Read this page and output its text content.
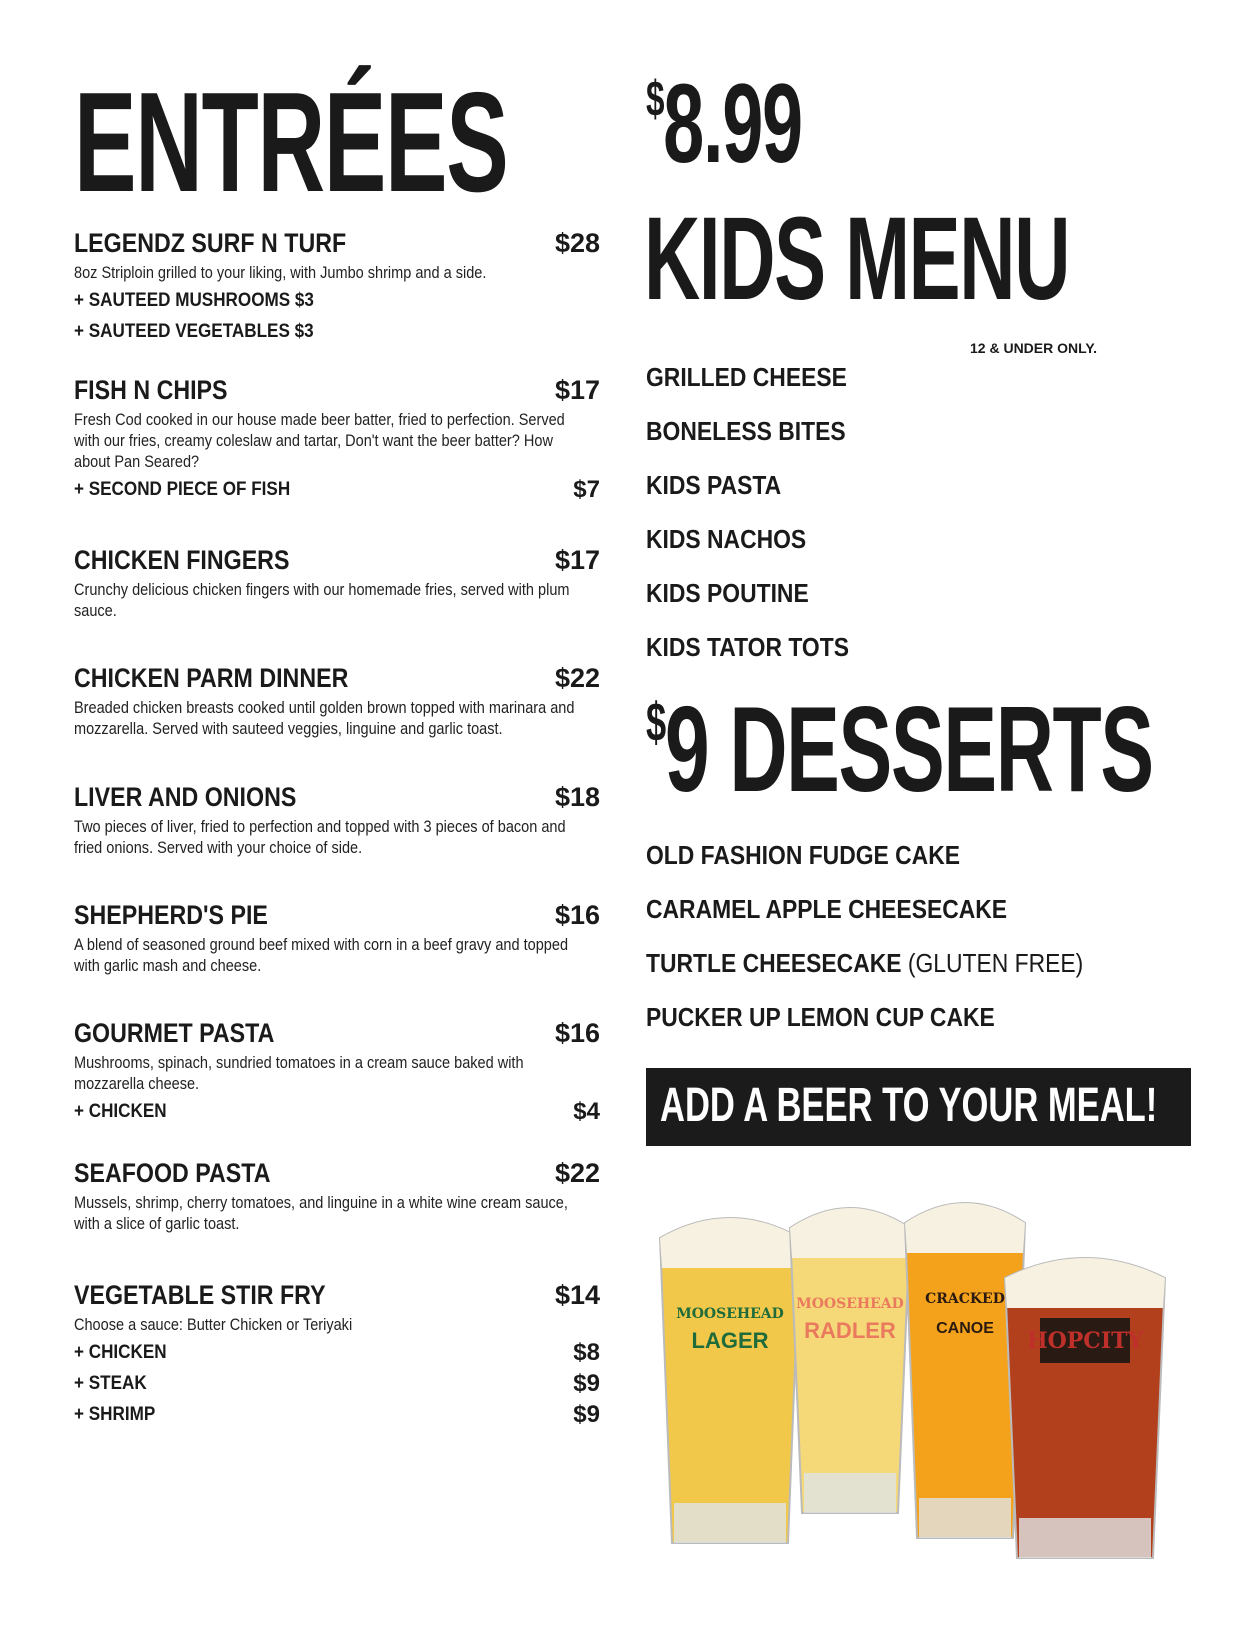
ENTRÉES
LEGENDZ SURF N TURF	$28
8oz Striploin grilled to your liking, with Jumbo shrimp and a side.
+ SAUTEED MUSHROOMS $3
+ SAUTEED VEGETABLES $3
FISH N CHIPS	$17
Fresh Cod cooked in our house made beer batter, fried to perfection. Served with our fries, creamy coleslaw and tartar, Don't want the beer batter? How about Pan Seared?
+ SECOND PIECE OF FISH	$7
CHICKEN FINGERS	$17
Crunchy delicious chicken fingers with our homemade fries, served with plum sauce.
CHICKEN PARM DINNER	$22
Breaded chicken breasts cooked until golden brown topped with marinara and mozzarella. Served with sauteed veggies, linguine and garlic toast.
LIVER AND ONIONS	$18
Two pieces of liver, fried to perfection and topped with 3 pieces of bacon and fried onions. Served with your choice of side.
SHEPHERD'S PIE	$16
A blend of seasoned ground beef mixed with corn in a beef gravy and topped with garlic mash and cheese.
GOURMET PASTA	$16
Mushrooms, spinach, sundried tomatoes in a cream sauce baked with mozzarella cheese.
+ CHICKEN	$4
SEAFOOD PASTA	$22
Mussels, shrimp, cherry tomatoes, and linguine in a white wine cream sauce, with a slice of garlic toast.
VEGETABLE STIR FRY	$14
Choose a sauce: Butter Chicken or Teriyaki
+ CHICKEN	$8
+ STEAK	$9
+ SHRIMP	$9
$8.99
KIDS MENU
12 & UNDER ONLY.
GRILLED CHEESE
BONELESS BITES
KIDS PASTA
KIDS NACHOS
KIDS POUTINE
KIDS TATOR TOTS
$9 DESSERTS
OLD FASHION FUDGE CAKE
CARAMEL APPLE CHEESECAKE
TURTLE CHEESECAKE (GLUTEN FREE)
PUCKER UP LEMON CUP CAKE
ADD A BEER TO YOUR MEAL!
MOOSEHEAD
LAGER
MOOSEHEAD
RADLER
CRACKED
CANOE HOPCITY
